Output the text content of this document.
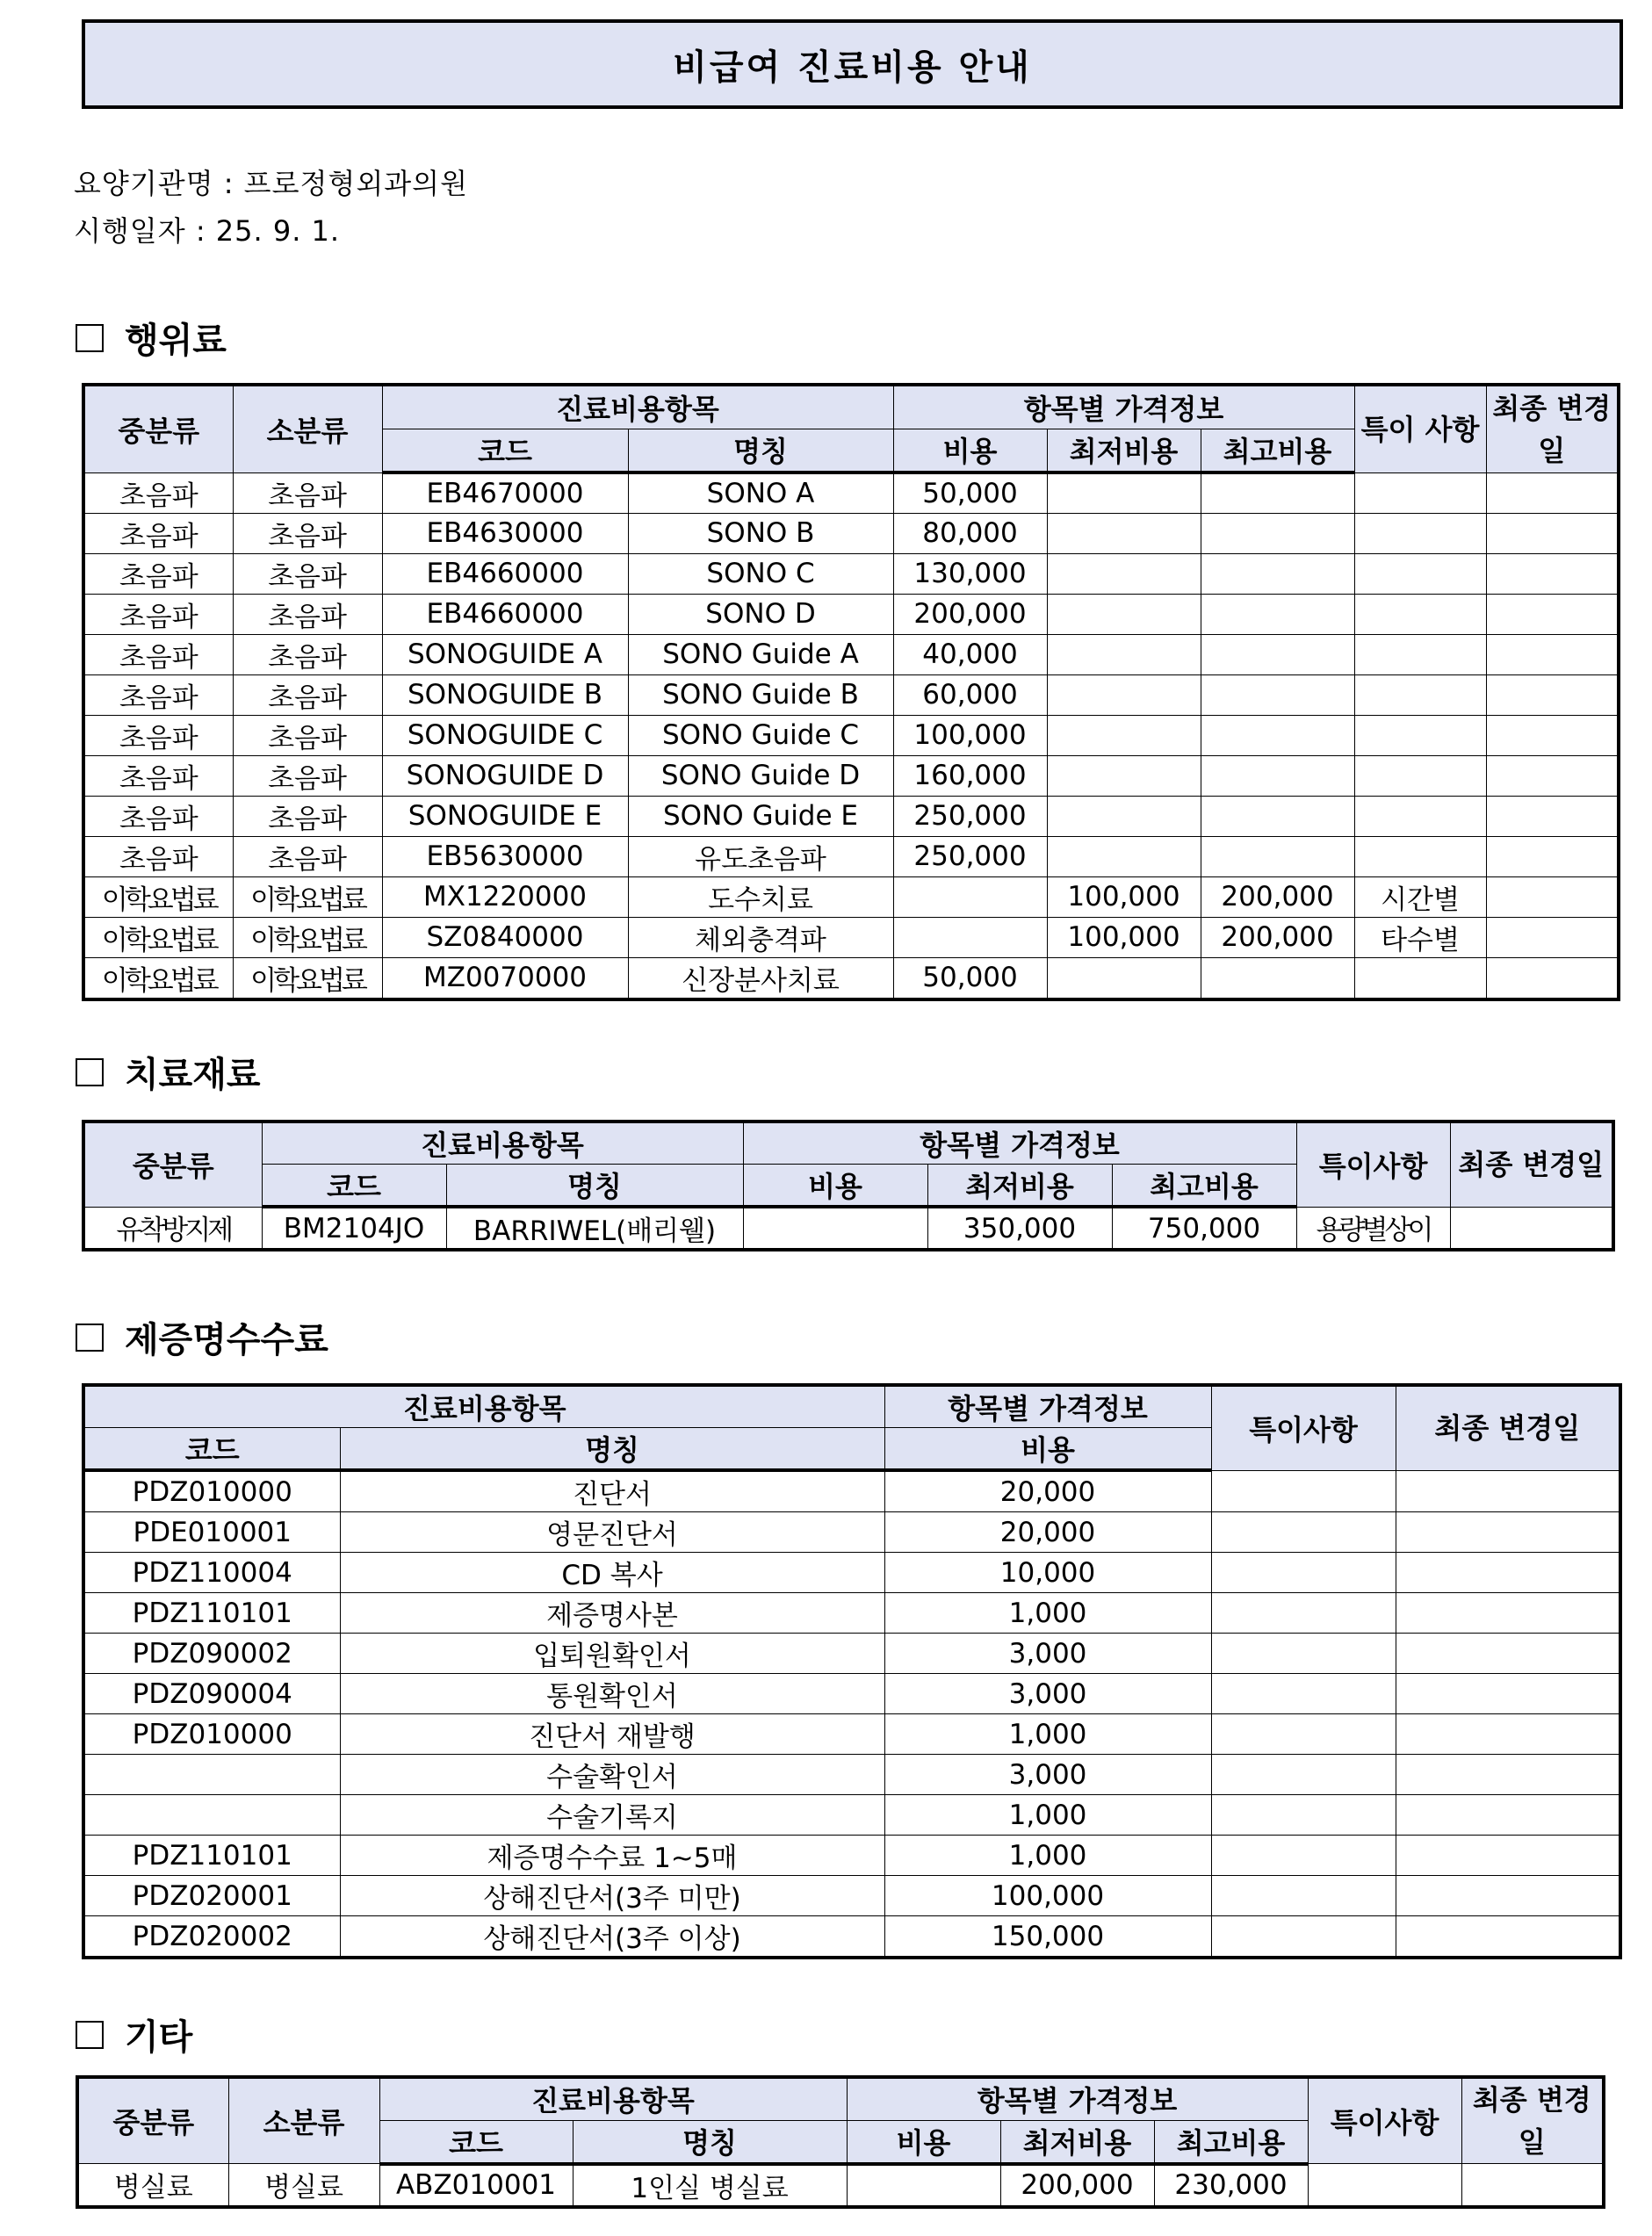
비급여 진료비용 안내
요양기관명 : 프로정형외과의원
시행일자 : 25. 9. 1.
행위료
중분류	소분류	진료비용항목		항목별 가격정보			특이 사항	최종 변경일
		코드	명칭	비용	최저비용	최고비용		
초음파	초음파	EB4670000	SONO A	50,000				
초음파	초음파	EB4630000	SONO B	80,000				
초음파	초음파	EB4660000	SONO C	130,000				
초음파	초음파	EB4660000	SONO D	200,000				
초음파	초음파	SONOGUIDE A	SONO Guide A	40,000				
초음파	초음파	SONOGUIDE B	SONO Guide B	60,000				
초음파	초음파	SONOGUIDE C	SONO Guide C	100,000				
초음파	초음파	SONOGUIDE D	SONO Guide D	160,000				
초음파	초음파	SONOGUIDE E	SONO Guide E	250,000				
초음파	초음파	EB5630000	유도초음파	250,000				
이학요법료	이학요법료	MX1220000	도수치료		100,000	200,000	시간별	
이학요법료	이학요법료	SZ0840000	체외충격파		100,000	200,000	타수별	
이학요법료	이학요법료	MZ0070000	신장분사치료	50,000				
치료재료
중분류	진료비용항목		항목별 가격정보			특이사항	최종 변경일
	코드	명칭	비용	최저비용	최고비용		
유착방지제	BM2104JO	BARRIWEL(배리웰)		350,000	750,000	용량별상이	
제증명수수료
진료비용항목		항목별 가격정보	특이사항	최종 변경일
코드	명칭	비용		
PDZ010000	진단서	20,000		
PDE010001	영문진단서	20,000		
PDZ110004	CD 복사	10,000		
PDZ110101	제증명사본	1,000		
PDZ090002	입퇴원확인서	3,000		
PDZ090004	통원확인서	3,000		
PDZ010000	진단서 재발행	1,000		
	수술확인서	3,000		
	수술기록지	1,000		
PDZ110101	제증명수수료 1~5매	1,000		
PDZ020001	상해진단서(3주 미만)	100,000		
PDZ020002	상해진단서(3주 이상)	150,000		
기타
중분류	소분류	진료비용항목		항목별 가격정보			특이사항	최종 변경일
		코드	명칭	비용	최저비용	최고비용		
병실료	병실료	ABZ010001	1인실 병실료		200,000	230,000		
